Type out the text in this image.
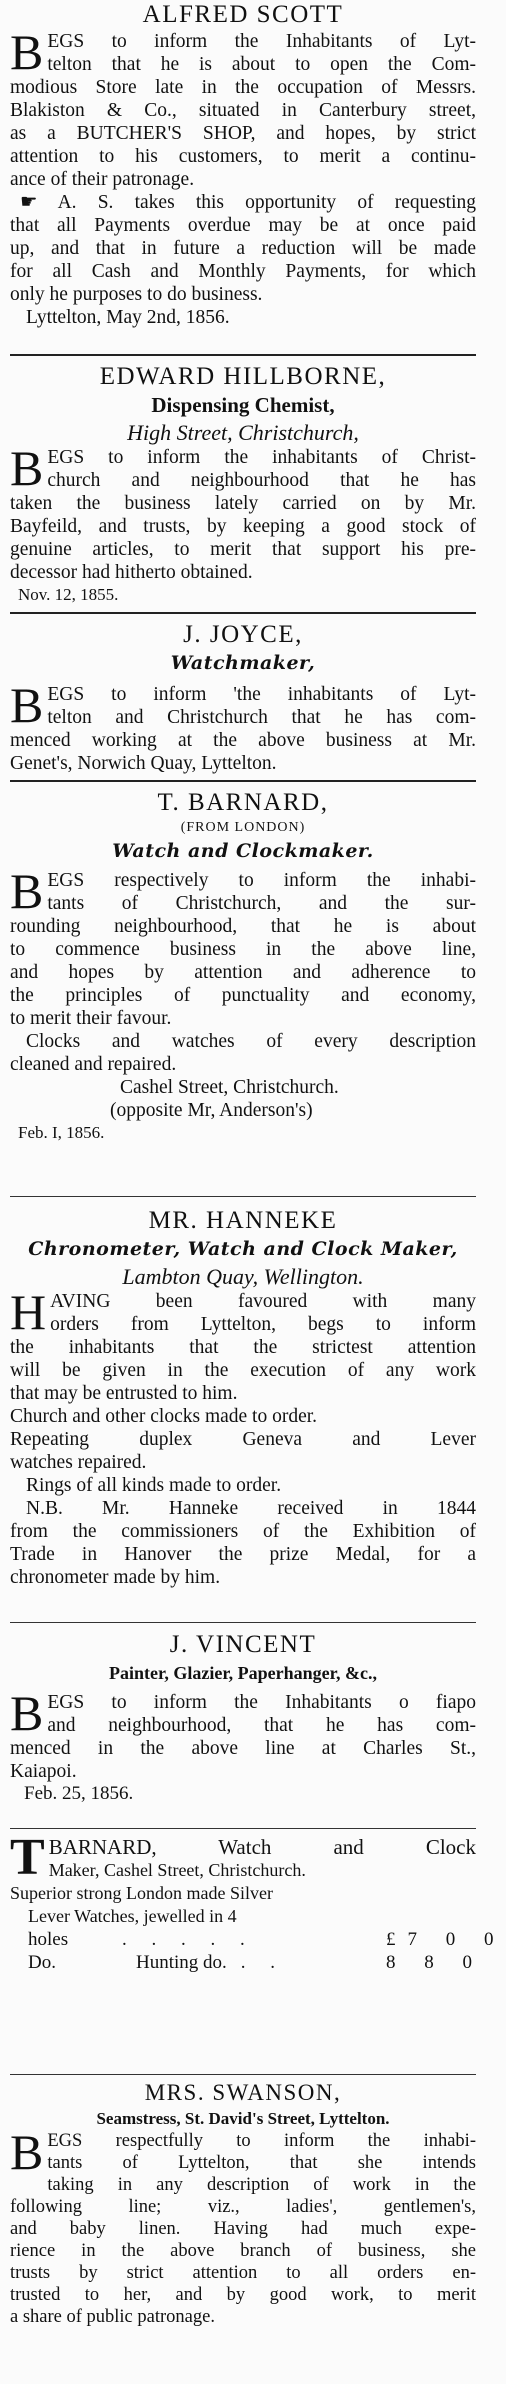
ALFRED SCOTT
B EGS to inform the Inhabitants of Lyt-
telton that he is about to open the Com-
modious Store late in the occupation of Messrs.
Blakiston & Co., situated in Canterbury street,
as a BUTCHER'S SHOP, and hopes, by strict
attention to his customers, to merit a continu-
ance of their patronage.
☛ A. S. takes this opportunity of requesting
that all Payments overdue may be at once paid
up, and that in future a reduction will be made
for all Cash and Monthly Payments, for which
only he purposes to do business.
Lyttelton, May 2nd, 1856.
EDWARD HILLBORNE,
Dispensing Chemist,
High Street, Christchurch,
B EGS to inform the inhabitants of Christ-
church and neighbourhood that he has
taken the business lately carried on by Mr.
Bayfeild, and trusts, by keeping a good stock of
genuine articles, to merit that support his pre-
decessor had hitherto obtained.
Nov. 12, 1855.
J. JOYCE,
Watchmaker,
B EGS to inform 'the inhabitants of Lyt-
telton and Christchurch that he has com-
menced working at the above business at Mr.
Genet's, Norwich Quay, Lyttelton.
T. BARNARD,
(FROM LONDON)
Watch and Clockmaker.
B EGS respectively to inform the inhabi-
tants of Christchurch, and the sur-
rounding neighbourhood, that he is about
to commence business in the above line,
and hopes by attention and adherence to
the principles of punctuality and economy,
to merit their favour.
Clocks and watches of every description
cleaned and repaired.
Cashel Street, Christchurch.
(opposite Mr, Anderson's)
Feb. I, 1856.
MR. HANNEKE
Chronometer, Watch and Clock Maker,
Lambton Quay, Wellington.
H AVING been favoured with many
orders from Lyttelton, begs to inform
the inhabitants that the strictest attention
will be given in the execution of any work
that may be entrusted to him.
Church and other clocks made to order.
Repeating duplex Geneva and Lever
watches repaired.
Rings of all kinds made to order.
N.B. Mr. Hanneke received in 1844
from the commissioners of the Exhibition of
Trade in Hanover the prize Medal, for a
chronometer made by him.
J. VINCENT
Painter, Glazier, Paperhanger, &c.,
B EGS to inform the Inhabitants o fiapo
and neighbourhood, that he has com-
menced in the above line at Charles St.,
Kaiapoi.
Feb. 25, 1856.
T BARNARD, Watch and Clock
Maker, Cashel Street, Christchurch.
Superior strong London made Silver
Lever Watches, jewelled in 4
holes	. . . . .	£7 0 0
Do.	Hunting do. . .	8 8 0
MRS. SWANSON,
Seamstress, St. David's Street, Lyttelton.
B EGS respectfully to inform the inhabi-
tants of Lyttelton, that she intends
taking in any description of work in the
following line; viz., ladies', gentlemen's,
and baby linen. Having had much expe-
rience in the above branch of business, she
trusts by strict attention to all orders en-
trusted to her, and by good work, to merit
a share of public patronage.
